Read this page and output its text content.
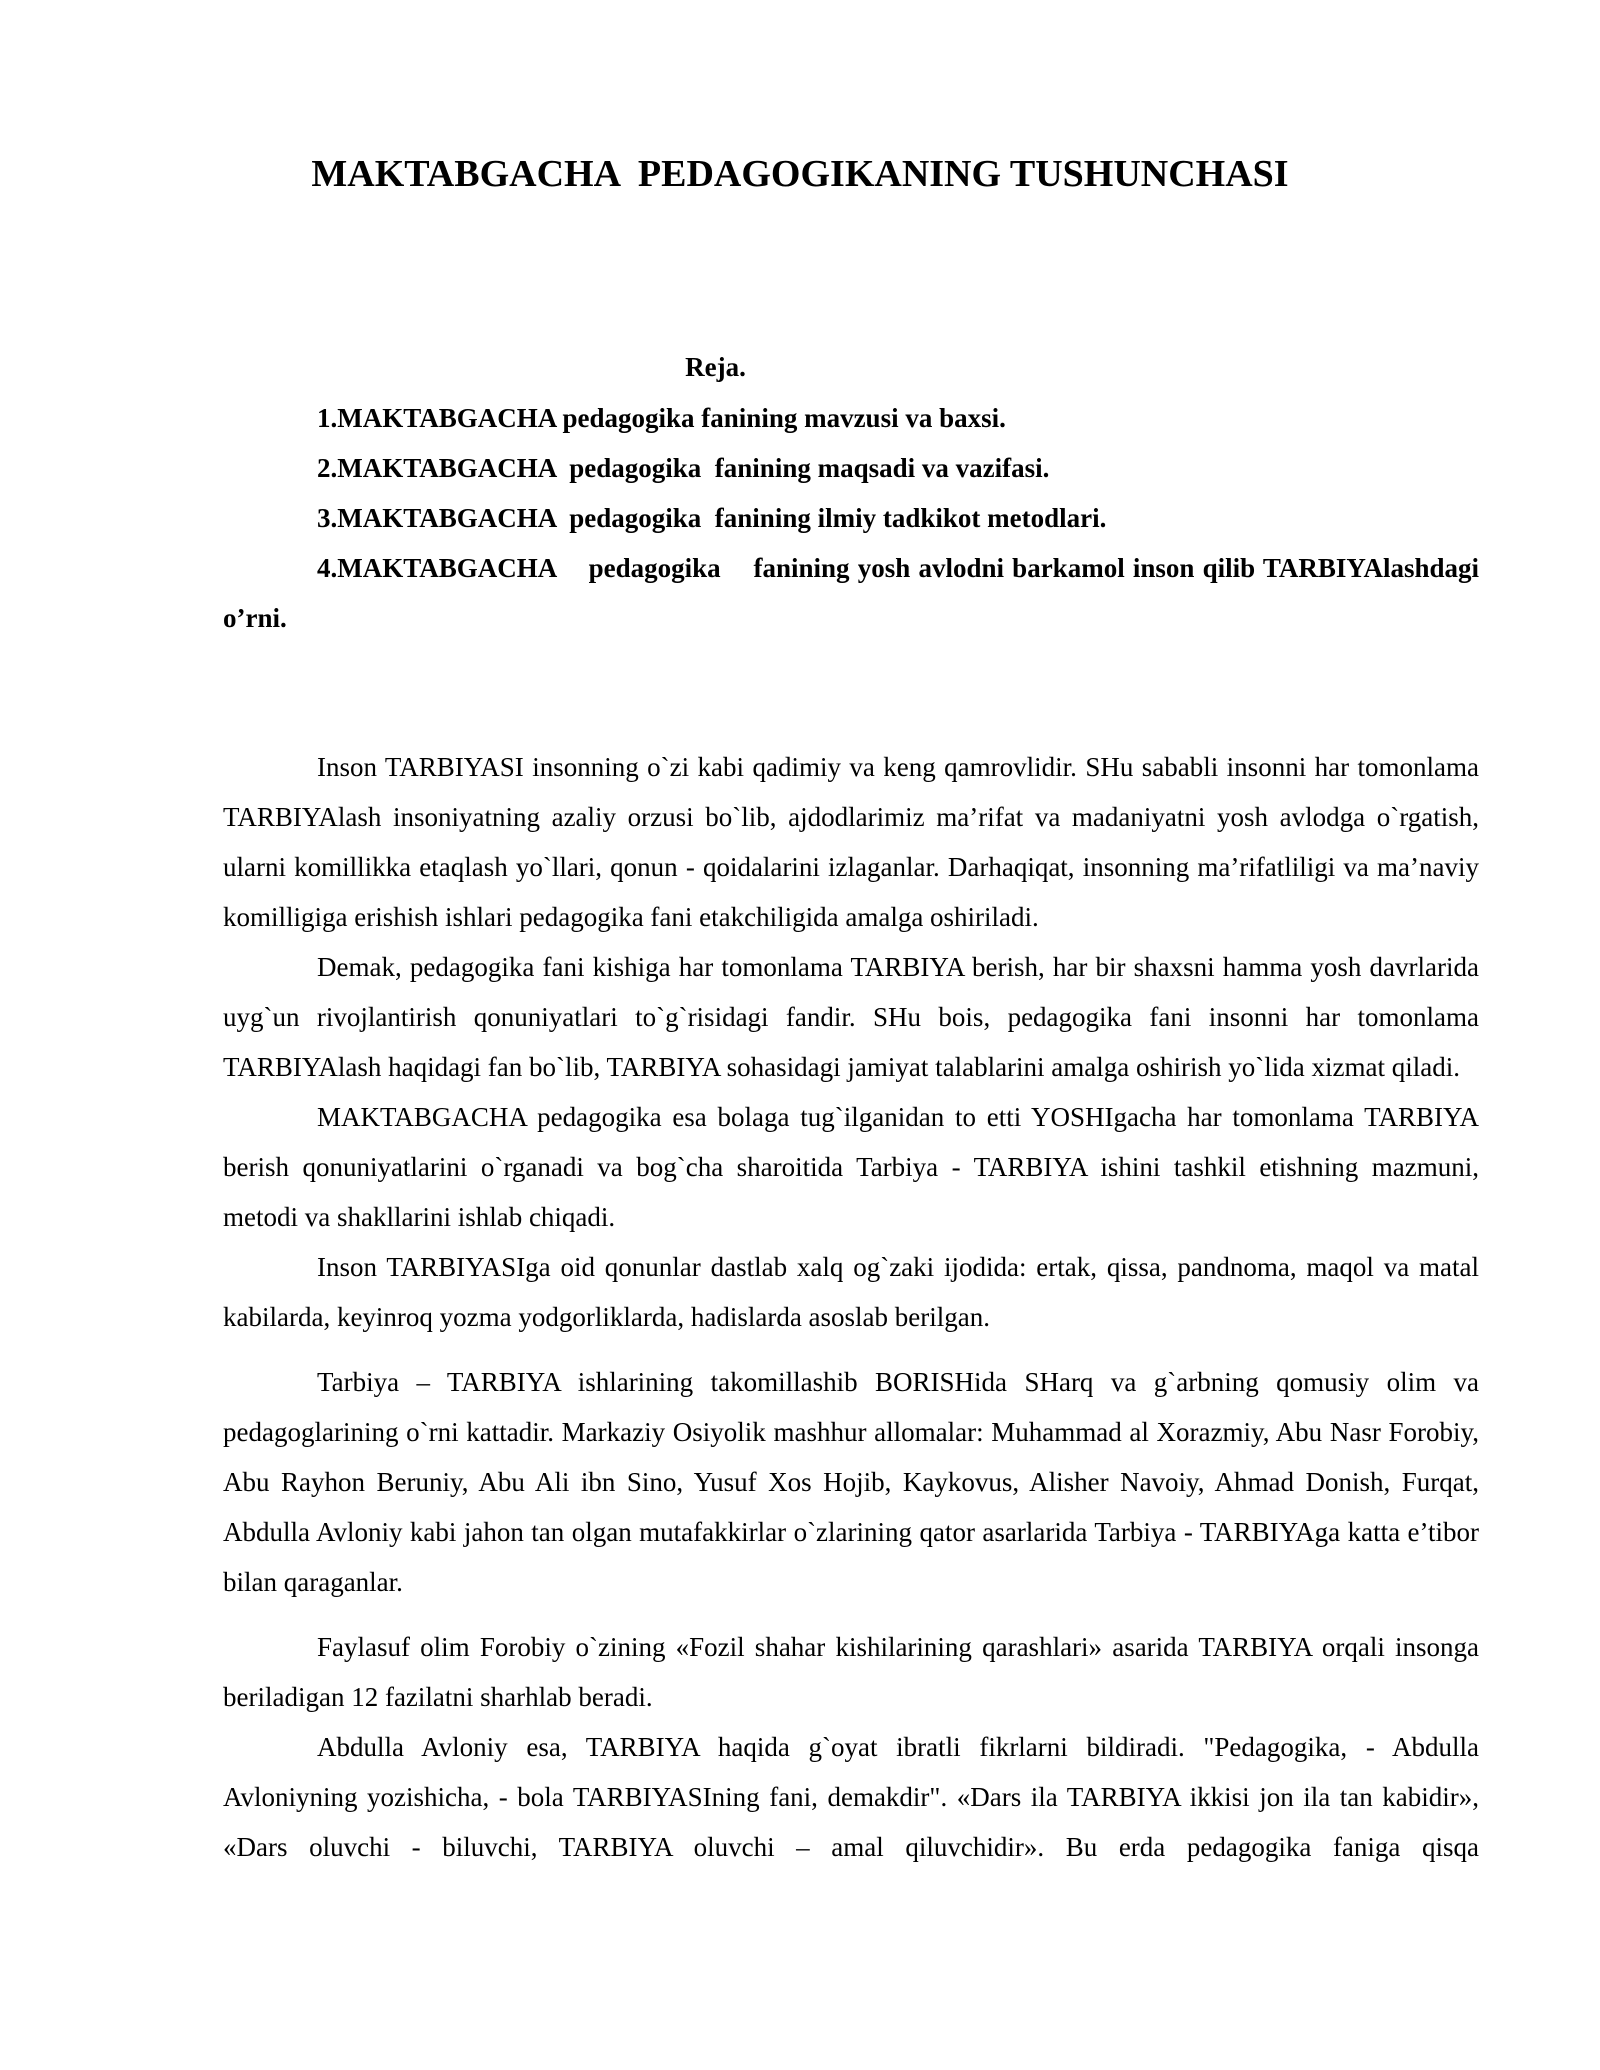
MAKTABGACHA  PEDAGOGIKANING TUSHUNCHASI
Reja.

1.MAKTABGACHA pedagogika fanining mavzusi va baxsi.

2.MAKTABGACHA  pedagogika  fanining maqsadi va vazifasi.

3.MAKTABGACHA  pedagogika  fanining ilmiy tadkikot metodlari.

4.MAKTABGACHA    pedagogika    fanining yosh avlodni barkamol inson qilib TARBIYAlashdagi o’rni.

Inson TARBIYASI insonning o`zi kabi qadimiy va keng qamrovlidir. SHu sababli insonni har tomonlama TARBIYAlash insoniyatning azaliy orzusi bo`lib, ajdodlarimiz ma’rifat va madaniyatni yosh avlodga o`rgatish, ularni komillikka etaqlash yo`llari, qonun - qoidalarini izlaganlar. Darhaqiqat, insonning ma’rifatliligi va ma’naviy komilligiga erishish ishlari pedagogika fani etakchiligida amalga oshiriladi.

Demak, pedagogika fani kishiga har tomonlama TARBIYA berish, har bir shaxsni hamma yosh davrlarida uyg`un rivojlantirish qonuniyatlari to`g`risidagi fandir. SHu bois, pedagogika fani insonni har tomonlama TARBIYAlash haqidagi fan bo`lib, TARBIYA sohasidagi jamiyat talablarini amalga oshirish yo`lida xizmat qiladi.

MAKTABGACHA pedagogika esa bolaga tug`ilganidan to etti YOSHIgacha har tomonlama TARBIYA berish qonuniyatlarini o`rganadi va bog`cha sharoitida Tarbiya - TARBIYA ishini tashkil etishning mazmuni, metodi va shakllarini ishlab chiqadi.

Inson TARBIYASIga oid qonunlar dastlab xalq og`zaki ijodida: ertak, qissa, pandnoma, maqol va matal kabilarda, keyinroq yozma yodgorliklarda, hadislarda asoslab berilgan.

Tarbiya – TARBIYA ishlarining takomillashib BORISHida SHarq va g`arbning qomusiy olim va pedagoglarining o`rni kattadir. Markaziy Osiyolik mashhur allomalar: Muhammad al Xorazmiy, Abu Nasr Forobiy, Abu Rayhon Beruniy, Abu Ali ibn Sino, Yusuf Xos Hojib, Kaykovus, Alisher Navoiy, Ahmad Donish, Furqat, Abdulla Avloniy kabi jahon tan olgan mutafakkirlar o`zlarining qator asarlarida Tarbiya - TARBIYAga katta e’tibor bilan qaraganlar.

Faylasuf olim Forobiy o`zining «Fozil shahar kishilarining qarashlari» asarida TARBIYA orqali insonga beriladigan 12 fazilatni sharhlab beradi.

Abdulla Avloniy esa, TARBIYA haqida g`oyat ibratli fikrlarni bildiradi. "Pedagogika, - Abdulla Avloniyning yozishicha, - bola TARBIYASIning fani, demakdir". «Dars ila TARBIYA ikkisi jon ila tan kabidir», «Dars oluvchi - biluvchi, TARBIYA oluvchi – amal qiluvchidir». Bu erda pedagogika faniga qisqa
